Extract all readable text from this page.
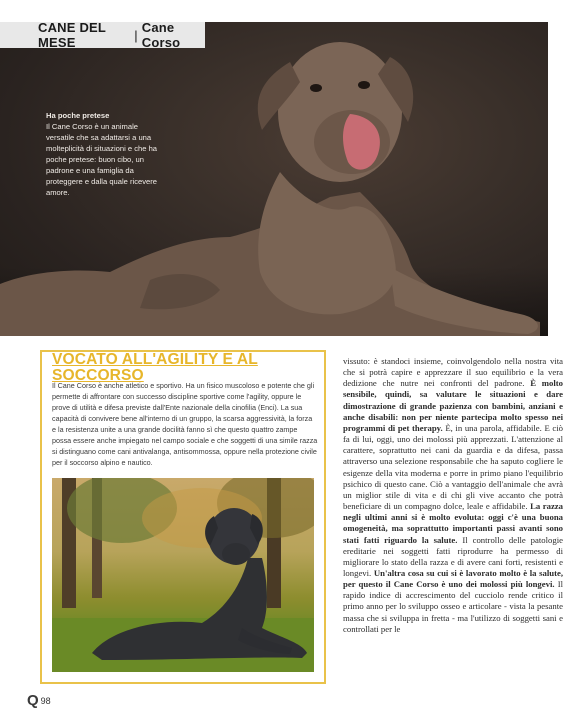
Ha poche pretese
Il Cane Corso è un animale versatile che sa adattarsi a una molteplicità di situazioni e che ha poche pretese: buon cibo, un padrone e una famiglia da proteggere e dalla quale ricevere amore.
CANE DEL MESE	| Cane Corso
VOCATO ALL'AGILITY E AL SOCCORSO
Il Cane Corso è anche atletico e sportivo. Ha un fisico muscoloso e potente che gli permette di affrontare con successo discipline sportive come l'agility, oppure le prove di utilità e difesa previste dall'Ente nazionale della cinofilia (Enci). La sua capacità di convivere bene all'interno di un gruppo, la scarsa aggressività, la forza e la resistenza unite a una grande docilità fanno sì che questo quattro zampe possa essere anche impiegato nel campo sociale e che soggetti di una simile razza si distinguano come cani antivalanga, antisommossa, oppure nella protezione civile per il soccorso alpino e nautico.
vissuto: è standoci insieme, coinvolgendolo nella nostra vita che si potrà capire e apprezzare il suo equilibrio e la vera dedizione che nutre nei confronti del padrone. È molto sensibile, quindi, sa valutare le situazioni e dare dimostrazione di grande pazienza con bambini, anziani e anche disabili: non per niente partecipa molto spesso nei programmi di pet therapy. È, in una parola, affidabile. E ciò fa di lui, oggi, uno dei molossi più apprezzati. L'attenzione al carattere, soprattutto nei cani da guardia e da difesa, passa attraverso una selezione responsabile che ha saputo cogliere le esigenze della vita moderna e porre in primo piano l'equilibrio psichico di questo cane. Ciò a vantaggio dell'animale che avrà un miglior stile di vita e di chi gli vive accanto che potrà beneficiare di un compagno dolce, leale e affidabile. La razza negli ultimi anni si è molto evoluta: oggi c'è una buona omogeneità, ma soprattutto importanti passi avanti sono stati fatti riguardo la salute. Il controllo delle patologie ereditarie nei soggetti fatti riprodurre ha permesso di migliorare lo stato della razza e di avere cani forti, resistenti e longevi. Un'altra cosa su cui si è lavorato molto è la salute, per questo il Cane Corso è uno dei molossi più longevi. Il rapido indice di accrescimento del cucciolo rende critico il primo anno per lo sviluppo osseo e articolare - vista la pesante massa che si sviluppa in fretta - ma l'utilizzo di soggetti sani e controllati per le
Q 98
